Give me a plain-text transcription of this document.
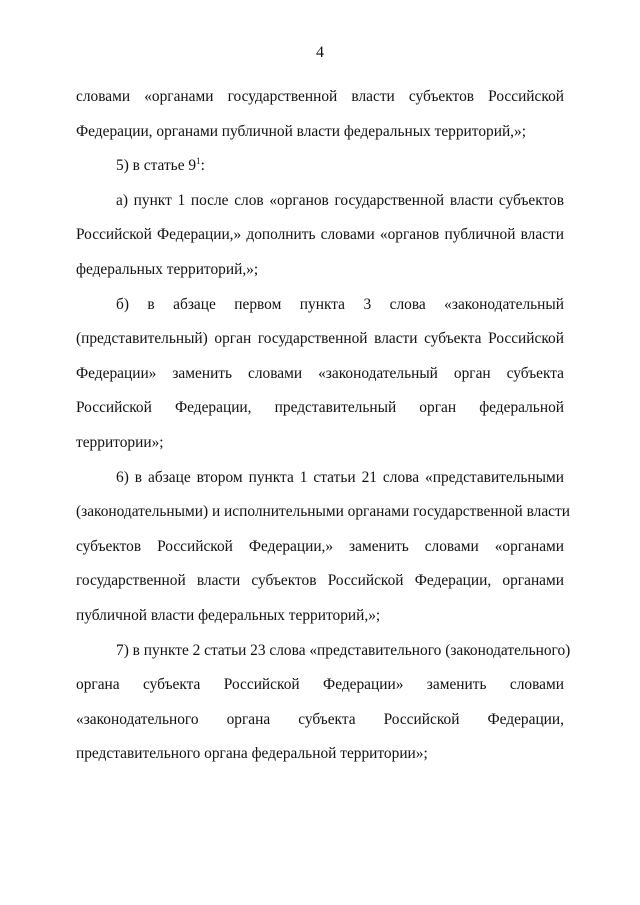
4
словами «органами государственной власти субъектов Российской
Федерации, органами публичной власти федеральных территорий,»;
5) в статье $9^1$:
а) пункт 1 после слов «органов государственной власти субъектов
Российской Федерации,» дополнить словами «органов публичной власти
федеральных территорий,»;
б) в абзаце первом пункта 3 слова «законодательный
(представительный) орган государственной власти субъекта Российской
Федерации» заменить словами «законодательный орган субъекта
Российской Федерации, представительный орган федеральной
территории»;
6) в абзаце втором пункта 1 статьи 21 слова «представительными
(законодательными) и исполнительными органами государственной власти
субъектов Российской Федерации,» заменить словами «органами
государственной власти субъектов Российской Федерации, органами
публичной власти федеральных территорий,»;
7) в пункте 2 статьи 23 слова «представительного (законодательного)
органа субъекта Российской Федерации» заменить словами
«законодательного органа субъекта Российской Федерации,
представительного органа федеральной территории»;
